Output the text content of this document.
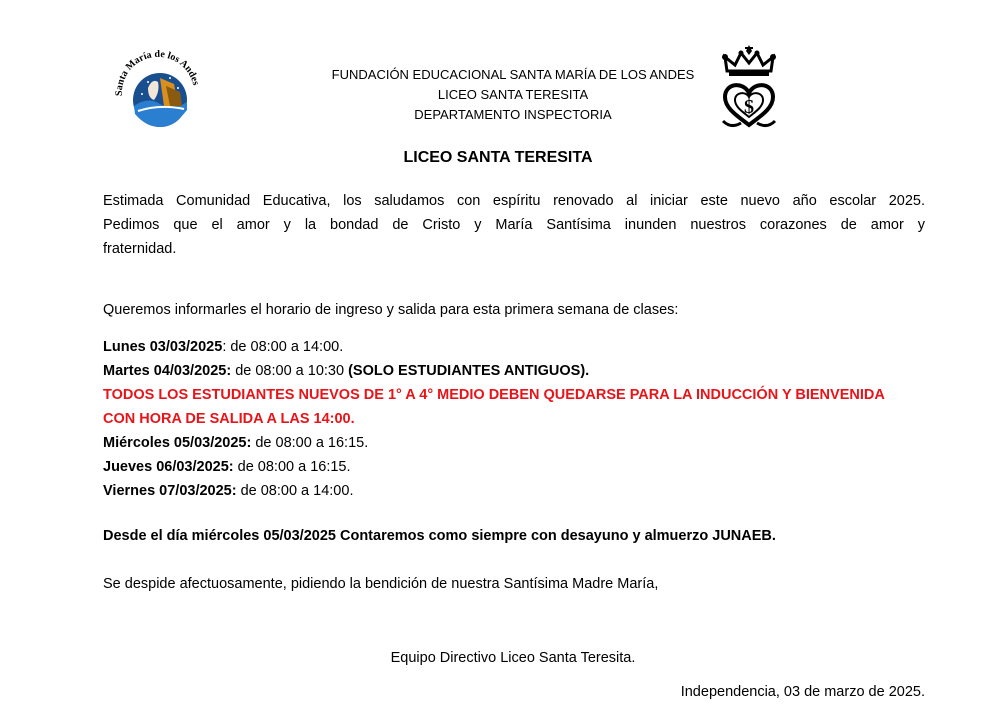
Santa María de los Andes
FUNDACIÓN EDUCACIONAL SANTA MARÍA DE LOS ANDES
LICEO SANTA TERESITA
DEPARTAMENTO INSPECTORIA	$
LICEO SANTA TERESITA
Estimada Comunidad Educativa, los saludamos con espíritu renovado al iniciar este nuevo año escolar 2025.
Pedimos que el amor y la bondad de Cristo y María Santísima inunden nuestros corazones de amor y
fraternidad.
Queremos informarles el horario de ingreso y salida para esta primera semana de clases:
Lunes 03/03/2025: de 08:00 a 14:00.
Martes 04/03/2025: de 08:00 a 10:30 (SOLO ESTUDIANTES ANTIGUOS).
TODOS LOS ESTUDIANTES NUEVOS DE 1° A 4° MEDIO DEBEN QUEDARSE PARA LA INDUCCIÓN Y BIENVENIDA
CON HORA DE SALIDA A LAS 14:00.
Miércoles 05/03/2025: de 08:00 a 16:15.
Jueves 06/03/2025: de 08:00 a 16:15.
Viernes 07/03/2025: de 08:00 a 14:00.
Desde el día miércoles 05/03/2025 Contaremos como siempre con desayuno y almuerzo JUNAEB.
Se despide afectuosamente, pidiendo la bendición de nuestra Santísima Madre María,
Equipo Directivo Liceo Santa Teresita.
Independencia, 03 de marzo de 2025.
